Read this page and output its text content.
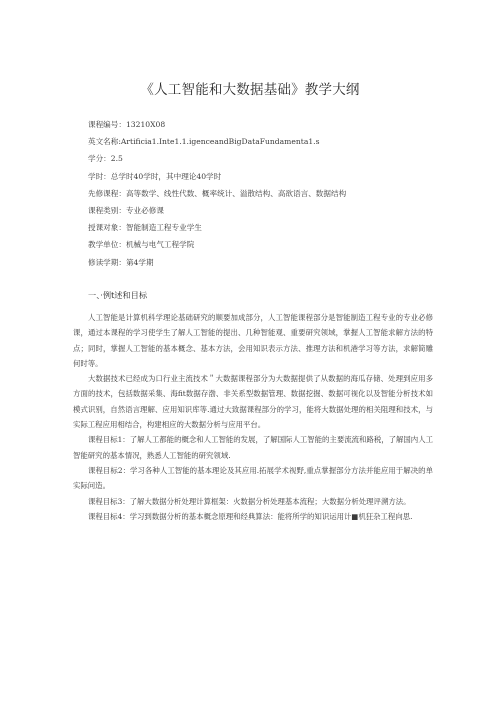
《人工智能和大数据基础》教学大纲
课程编号：13210X08
英文名称:Artificia1.Inte1.1.igenceandBigDataFundamenta1.s
学分：2.5
学时：总学时40学时，其中理论40学时
先修课程：高等数学、线性代数、概率统计、溢散结构、高欲语言、数据结构
课程类别：专业必修课
授课对象：智能制造工程专业学生
教学单位：机械与电气工程学院
修读学期：第4学期
一、·例t述和目标

人工智能是计算机科学理论基础研究的顺要加成部分，人工智能课程部分是智能制造工程专业的专业必修课，通过本课程的学习使学生了解人工智能的提出、几种智能观、重要研究领域，掌握人工智能求解方法的特点；同时，掌握人工智能的基本概念、基本方法，会用知识表示方法、推理方法和机港学习等方法，求解简雕何时等。

大数据技术已经成为口行业主流技术＂大数据课程部分为大数据提供了从数据的海瓜存储、处理到应用多方面的技术，包括数据采集、海fit数据存渤、非关系型数据管理、数据挖掘、数据可视化以及智能分析技术如模式识别，自然语言理解、应用知识库等.通过大致据课程部分的学习，能将大数据处理的相关阻理和技术，与实际工程应用相结合，构建相应的大数据分析与应用平台。

课程目标1：了解人工都能的概念和人工智能的发展，了解国际人工智能的主要流流和路税，了解国内人工智能研究的基本情况，熟悉人工智能的研究领域.

课程目标2：学习各种人工智能的基本理论及其应用.拓展学术视野,重点掌握部分方法并能应用于解决的单实际问造。

课程目标3：了解大数据分析处理计算框架：火数据分析处理基本流程；大数据分析处理评溯方法。

课程目标4：学习到数据分析的基本概念原理和经典算法：能将所学的知识运用计■机狂杂工程向思.
